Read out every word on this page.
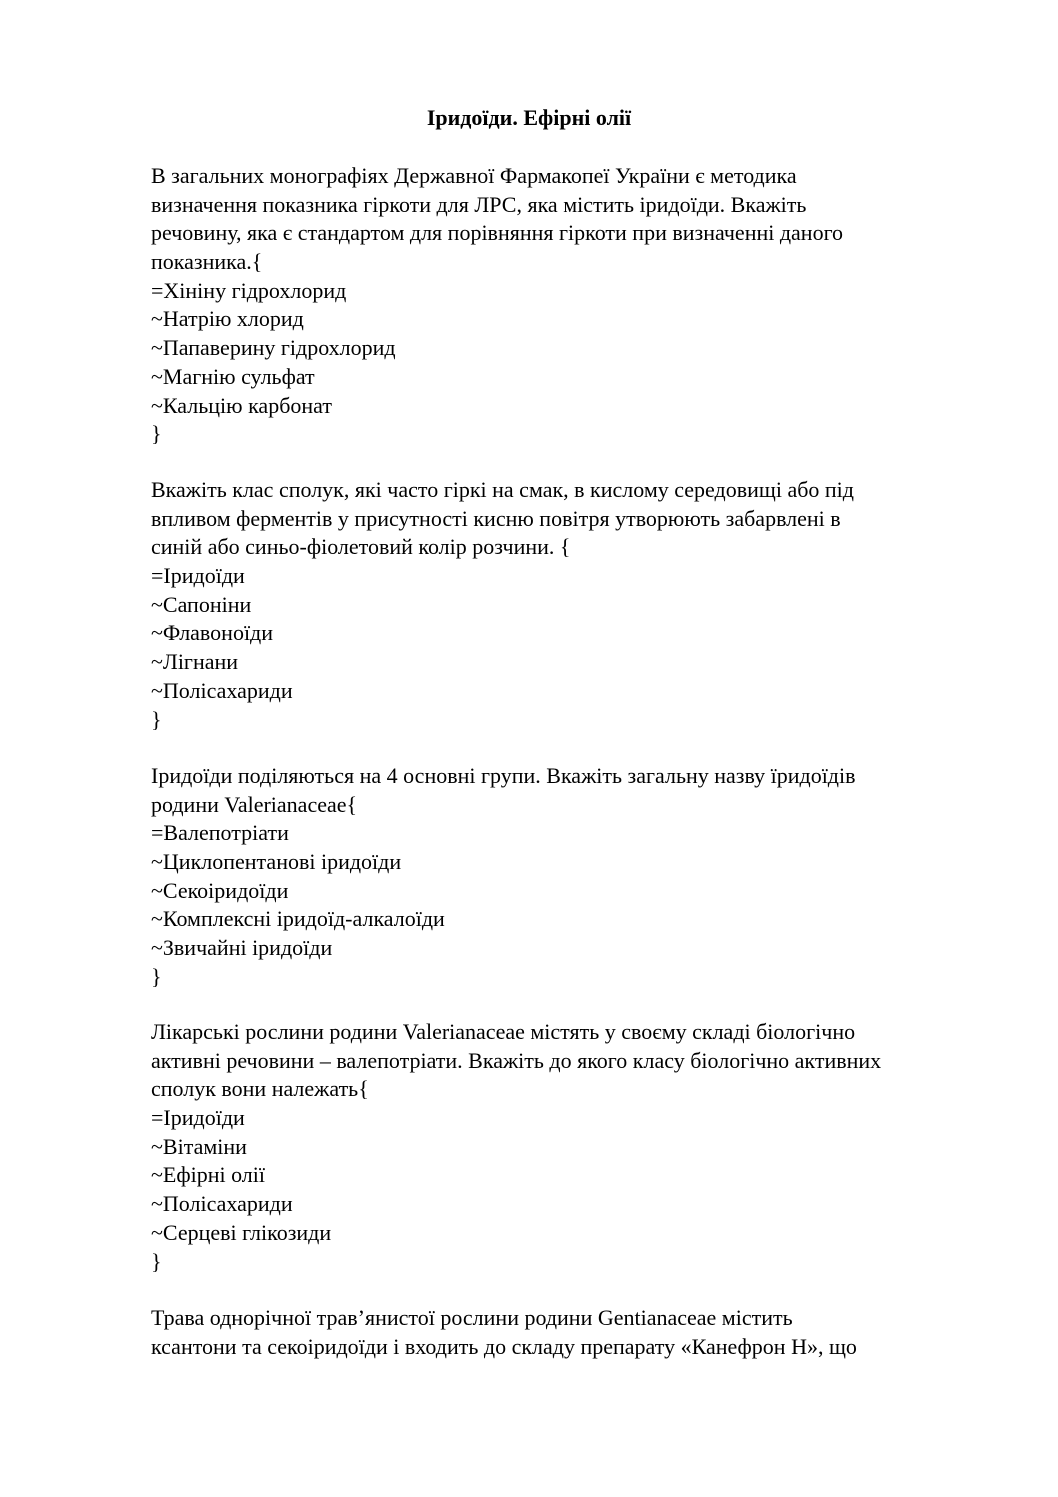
Іридоїди. Ефірні олії
В загальних монографіях Державної Фармакопеї України є методика
визначення показника гіркоти для ЛРС, яка містить іридоїди. Вкажіть
речовину, яка є стандартом для порівняння гіркоти при визначенні даного
показника.{
=Хініну гідрохлорид
~Натрію хлорид
~Папаверину гідрохлорид
~Магнію сульфат
~Кальцію карбонат
}
Вкажіть клас сполук, які часто гіркі на смак, в кислому середовищі або під
впливом ферментів у присутності кисню повітря утворюють забарвлені в
синій або синьо-фіолетовий колір розчини. {
=Іридоїди
~Сапоніни
~Флавоноїди
~Лігнани
~Полісахариди
}
Іридоїди поділяються на 4 основні групи. Вкажіть загальну назву їридоїдів
родини Valerianaceae{
=Валепотріати
~Циклопентанові іридоїди
~Секоіридоїди
~Комплексні іридоїд-алкалоїди
~Звичайні іридоїди
}
Лікарські рослини родини Valerianaceae містять у своєму складі біологічно
активні речовини – валепотріати. Вкажіть до якого класу біологічно активних
сполук вони належать{
=Іридоїди
~Вітаміни
~Ефірні олії
~Полісахариди
~Серцеві глікозиди
}
Трава однорічної трав’янистої рослини родини Gentianaceae містить
ксантони та секоіридоїди і входить до складу препарату «Канефрон Н», що
